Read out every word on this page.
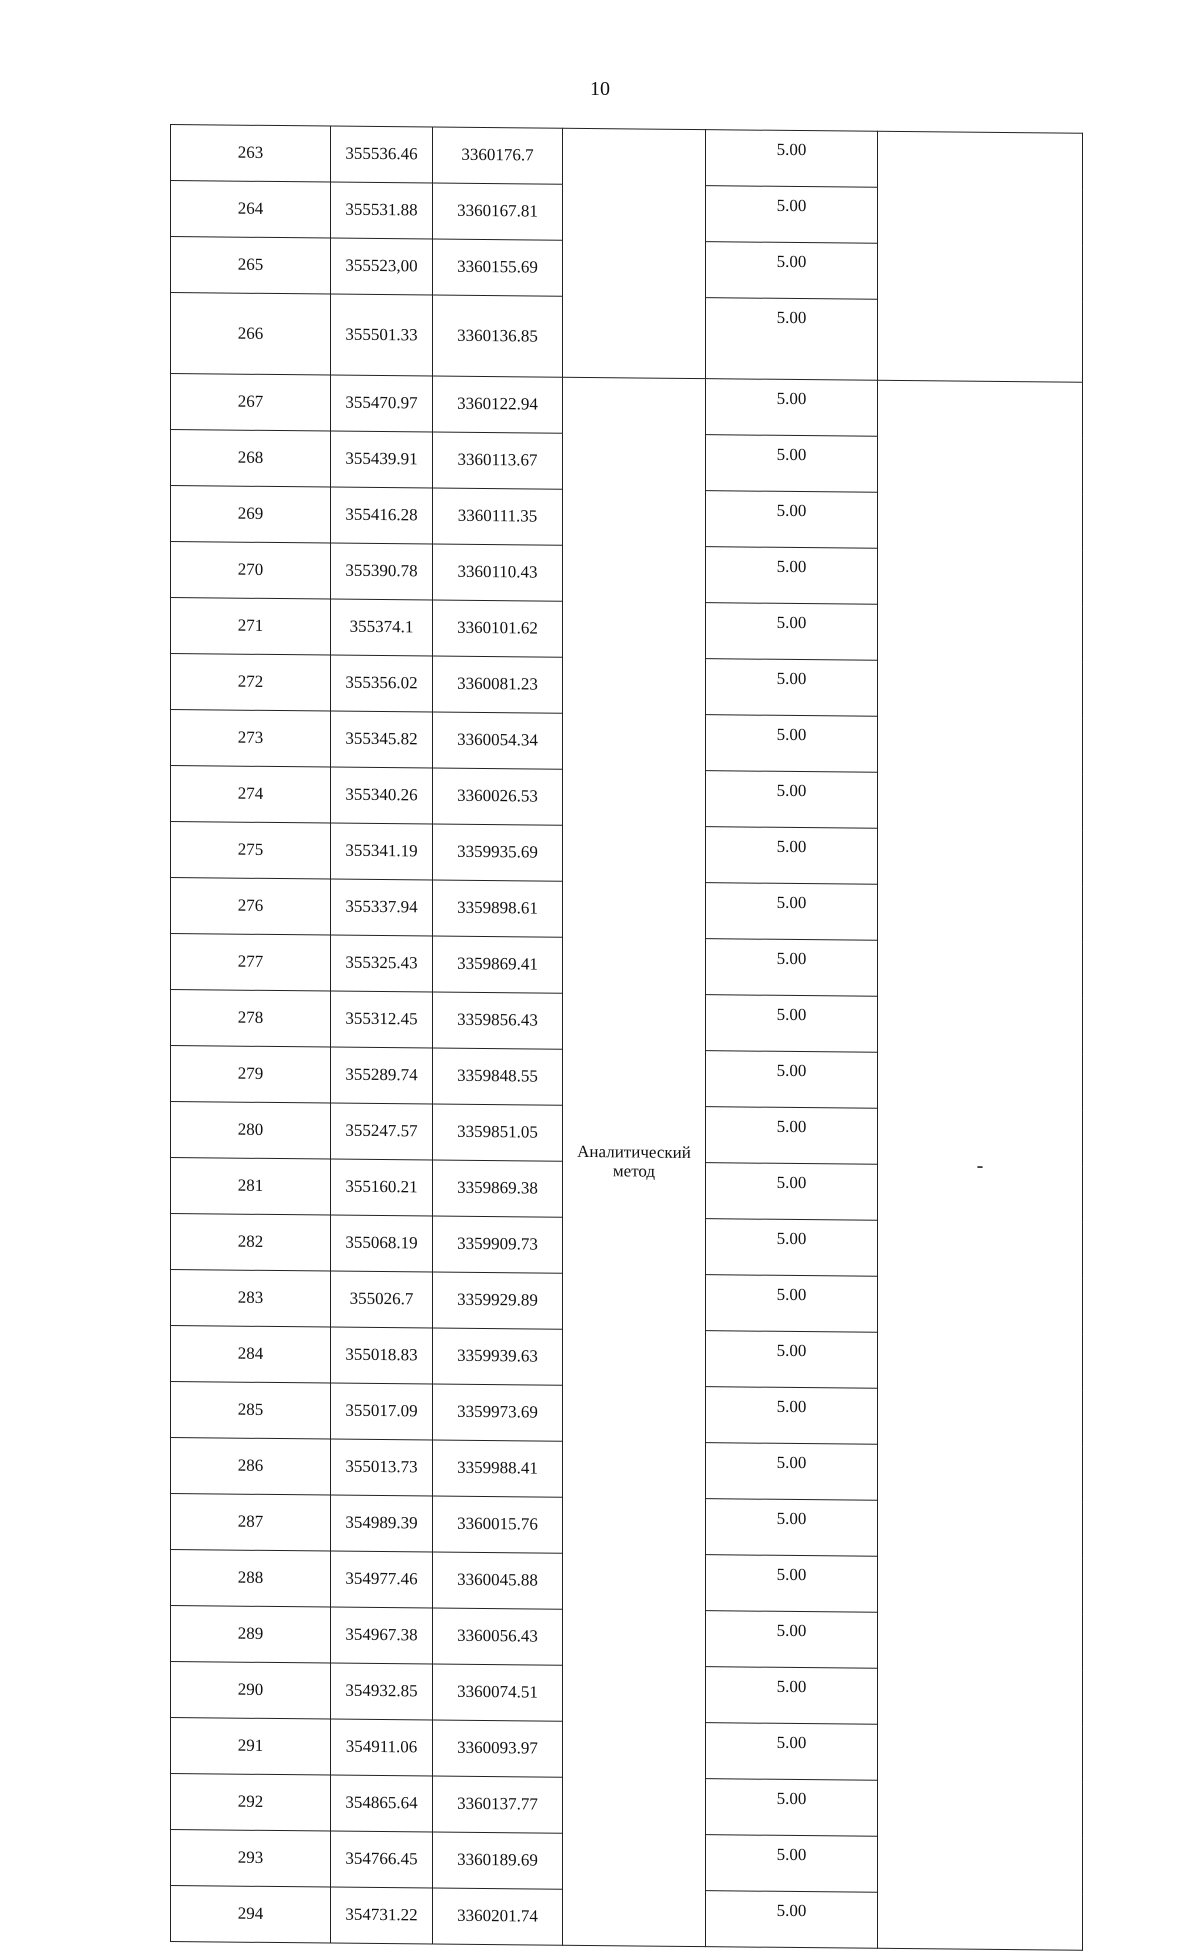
10
263	355536.46	3360176.7		5.00	
264	355531.88	3360167.81		5.00	
265	355523,00	3360155.69		5.00	
266	355501.33	3360136.85		5.00	
267	355470.97	3360122.94	Аналитический метод	5.00	-
268	355439.91	3360113.67		5.00	
269	355416.28	3360111.35		5.00	
270	355390.78	3360110.43		5.00	
271	355374.1	3360101.62		5.00	
272	355356.02	3360081.23		5.00	
273	355345.82	3360054.34		5.00	
274	355340.26	3360026.53		5.00	
275	355341.19	3359935.69		5.00	
276	355337.94	3359898.61		5.00	
277	355325.43	3359869.41		5.00	
278	355312.45	3359856.43		5.00	
279	355289.74	3359848.55		5.00	
280	355247.57	3359851.05		5.00	
281	355160.21	3359869.38		5.00	
282	355068.19	3359909.73		5.00	
283	355026.7	3359929.89		5.00	
284	355018.83	3359939.63		5.00	
285	355017.09	3359973.69		5.00	
286	355013.73	3359988.41		5.00	
287	354989.39	3360015.76		5.00	
288	354977.46	3360045.88		5.00	
289	354967.38	3360056.43		5.00	
290	354932.85	3360074.51		5.00	
291	354911.06	3360093.97		5.00	
292	354865.64	3360137.77		5.00	
293	354766.45	3360189.69		5.00	
294	354731.22	3360201.74		5.00	
